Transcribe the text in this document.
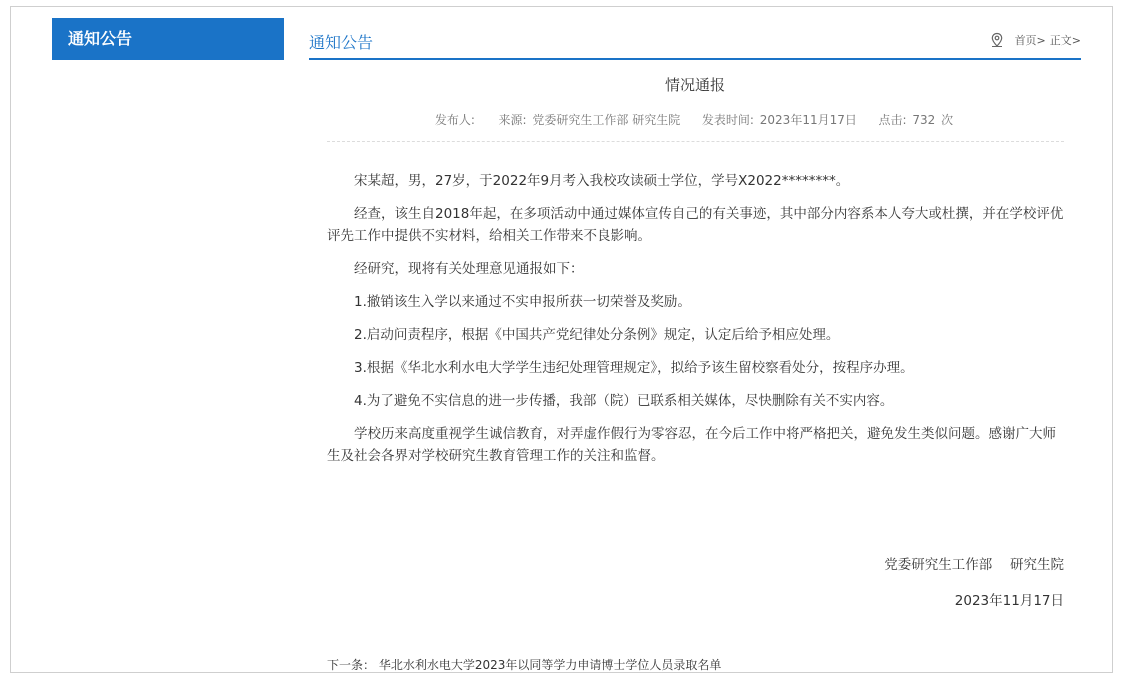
通知公告	通知公告	首页> 正文>
情况通报
发布人: 来源: 党委研究生工作部 研究生院 发表时间: 2023年11月17日 点击: 732 次

宋某超，男，27岁，于2022年9月考入我校攻读硕士学位，学号X2022********。

经查，该生自2018年起，在多项活动中通过媒体宣传自己的有关事迹，其中部分内容系本人夸大或杜撰，并在学校评优评先工作中提供不实材料，给相关工作带来不良影响。

经研究，现将有关处理意见通报如下：

1.撤销该生入学以来通过不实申报所获一切荣誉及奖励。

2.启动问责程序，根据《中国共产党纪律处分条例》规定，认定后给予相应处理。

3.根据《华北水利水电大学学生违纪处理管理规定》，拟给予该生留校察看处分，按程序办理。

4.为了避免不实信息的进一步传播，我部（院）已联系相关媒体，尽快删除有关不实内容。

学校历来高度重视学生诚信教育，对弄虚作假行为零容忍，在今后工作中将严格把关，避免发生类似问题。感谢广大师生及社会各界对学校研究生教育管理工作的关注和监督。

党委研究生工作部　 研究生院
2023年11月17日
下一条： 华北水利水电大学2023年以同等学力申请博士学位人员录取名单
